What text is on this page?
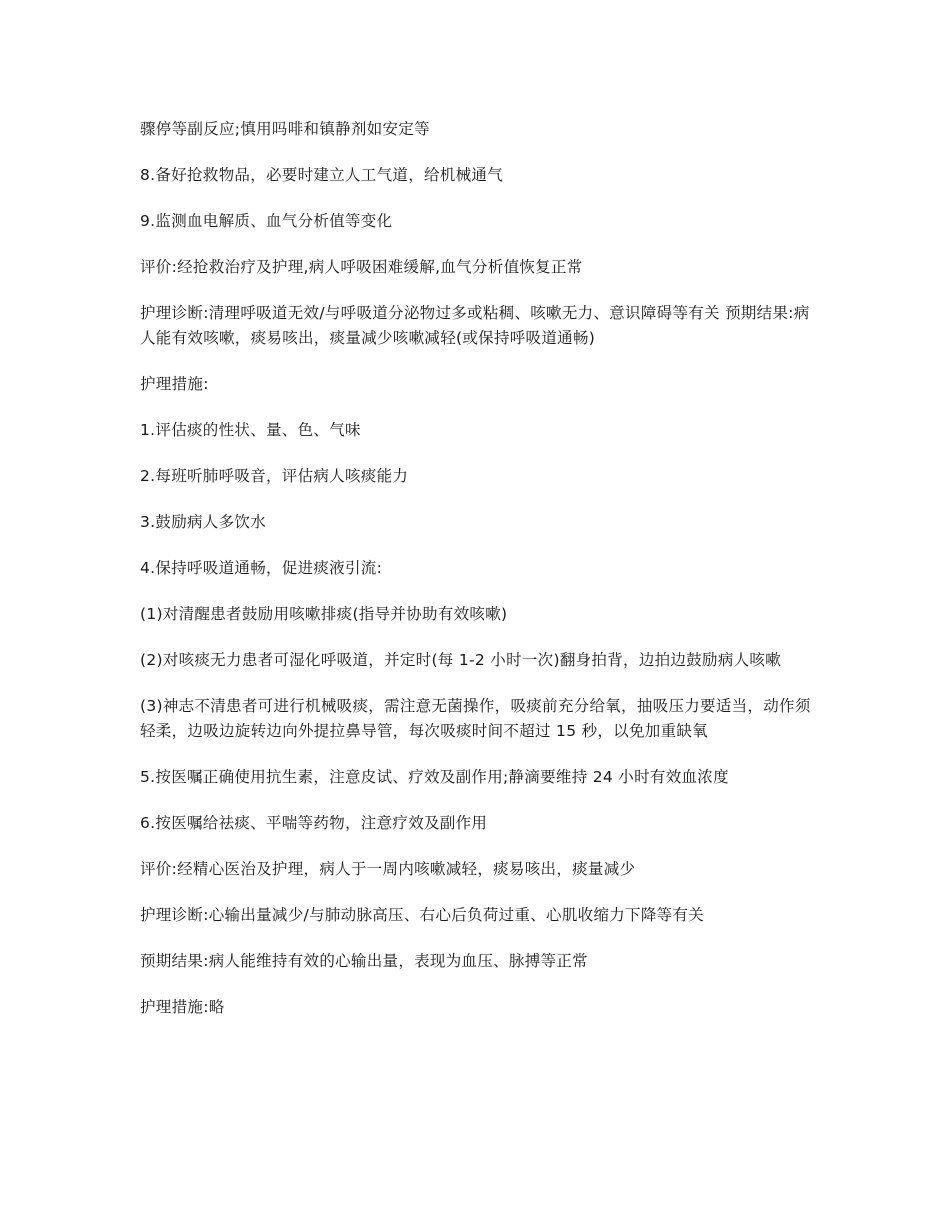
骤停等副反应;慎用吗啡和镇静剂如安定等

8.备好抢救物品，必要时建立人工气道，给机械通气

9.监测血电解质、血气分析值等变化

评价:经抢救治疗及护理,病人呼吸困难缓解,血气分析值恢复正常

护理诊断:清理呼吸道无效/与呼吸道分泌物过多或粘稠、咳嗽无力、意识障碍等有关 预期结果:病人能有效咳嗽，痰易咳出，痰量减少咳嗽减轻(或保持呼吸道通畅)

护理措施:

1.评估痰的性状、量、色、气味

2.每班听肺呼吸音，评估病人咳痰能力

3.鼓励病人多饮水

4.保持呼吸道通畅，促进痰液引流:

(1)对清醒患者鼓励用咳嗽排痰(指导并协助有效咳嗽)

(2)对咳痰无力患者可湿化呼吸道，并定时(每 1-2 小时一次)翻身拍背，边拍边鼓励病人咳嗽

(3)神志不清患者可进行机械吸痰，需注意无菌操作，吸痰前充分给氧，抽吸压力要适当，动作须轻柔，边吸边旋转边向外提拉鼻导管，每次吸痰时间不超过 15 秒，以免加重缺氧

5.按医嘱正确使用抗生素，注意皮试、疗效及副作用;静滴要维持 24 小时有效血浓度

6.按医嘱给祛痰、平喘等药物，注意疗效及副作用

评价:经精心医治及护理，病人于一周内咳嗽减轻，痰易咳出，痰量减少

护理诊断:心输出量减少/与肺动脉高压、右心后负荷过重、心肌收缩力下降等有关

预期结果:病人能维持有效的心输出量，表现为血压、脉搏等正常

护理措施:略
